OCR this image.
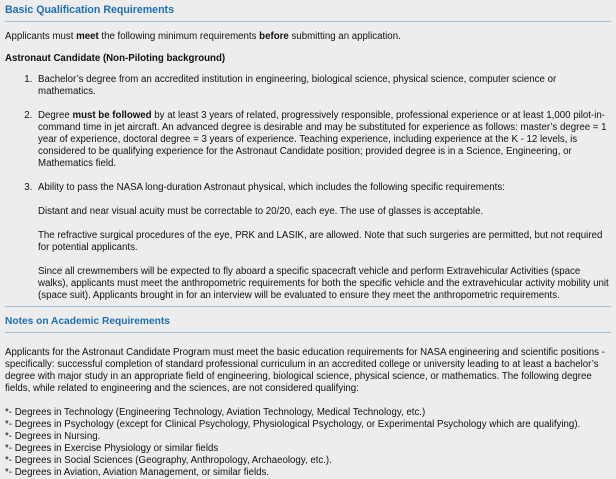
Basic Qualification Requirements

Applicants must meet the following minimum requirements before submitting an application.

Astronaut Candidate (Non-Piloting background)

1. Bachelor’s degree from an accredited institution in engineering, biological science, physical science, computer science or mathematics.
2. Degree must be followed by at least 3 years of related, progressively responsible, professional experience or at least 1,000 pilot-in-command time in jet aircraft. An advanced degree is desirable and may be substituted for experience as follows: master’s degree = 1 year of experience, doctoral degree = 3 years of experience. Teaching experience, including experience at the K - 12 levels, is considered to be qualifying experience for the Astronaut Candidate position; provided degree is in a Science, Engineering, or Mathematics field.
3. Ability to pass the NASA long-duration Astronaut physical, which includes the following specific requirements:

Distant and near visual acuity must be correctable to 20/20, each eye. The use of glasses is acceptable.

The refractive surgical procedures of the eye, PRK and LASIK, are allowed. Note that such surgeries are permitted, but not required for potential applicants.

Since all crewmembers will be expected to fly aboard a specific spacecraft vehicle and perform Extravehicular Activities (space walks), applicants must meet the anthropometric requirements for both the specific vehicle and the extravehicular activity mobility unit (space suit). Applicants brought in for an interview will be evaluated to ensure they meet the anthropometric requirements.

Notes on Academic Requirements

Applicants for the Astronaut Candidate Program must meet the basic education requirements for NASA engineering and scientific positions - specifically: successful completion of standard professional curriculum in an accredited college or university leading to at least a bachelor’s degree with major study in an appropriate field of engineering, biological science, physical science, or mathematics. The following degree fields, while related to engineering and the sciences, are not considered qualifying:

*- Degrees in Technology (Engineering Technology, Aviation Technology, Medical Technology, etc.)
*- Degrees in Psychology (except for Clinical Psychology, Physiological Psychology, or Experimental Psychology which are qualifying).
*- Degrees in Nursing.
*- Degrees in Exercise Physiology or similar fields
*- Degrees in Social Sciences (Geography, Anthropology, Archaeology, etc.).
*- Degrees in Aviation, Aviation Management, or similar fields.
